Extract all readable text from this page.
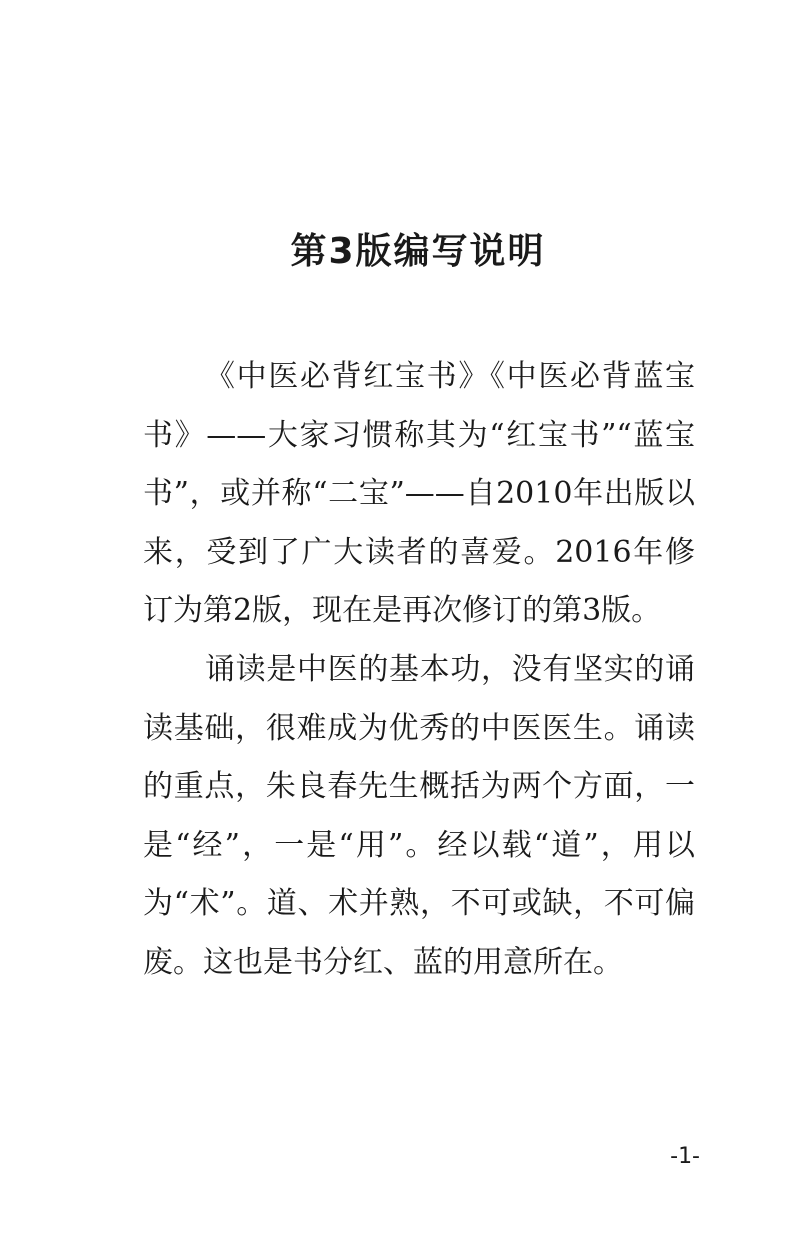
第3版编写说明

《中医必背红宝书》《中医必背蓝宝书》——大家习惯称其为“红宝书”“蓝宝书”，或并称“二宝”——自2010年出版以来，受到了广大读者的喜爱。2016年修订为第2版，现在是再次修订的第3版。

诵读是中医的基本功，没有坚实的诵读基础，很难成为优秀的中医医生。诵读的重点，朱良春先生概括为两个方面，一是“经”，一是“用”。经以载“道”，用以为“术”。道、术并熟，不可或缺，不可偏废。这也是书分红、蓝的用意所在。

-1-
